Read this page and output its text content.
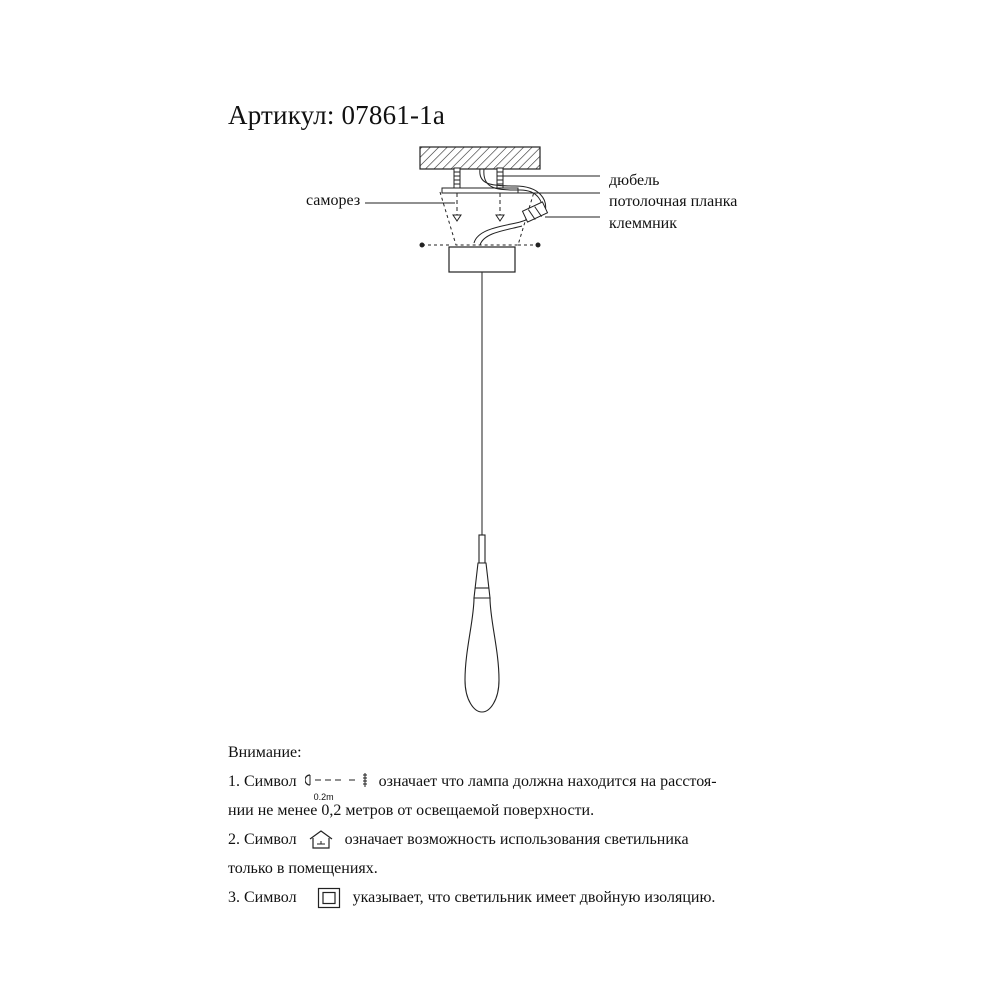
Артикул: 07861-1а
саморез
дюбель
потолочная планка
клеммник
Внимание:
1. Символ
0.2m
означает что лампа должна находится на расстоя-
нии не менее 0,2 метров от освещаемой поверхности.
2. Символ	означает возможность использования светильника
только в помещениях.
3. Символ	указывает, что светильник имеет двойную изоляцию.
